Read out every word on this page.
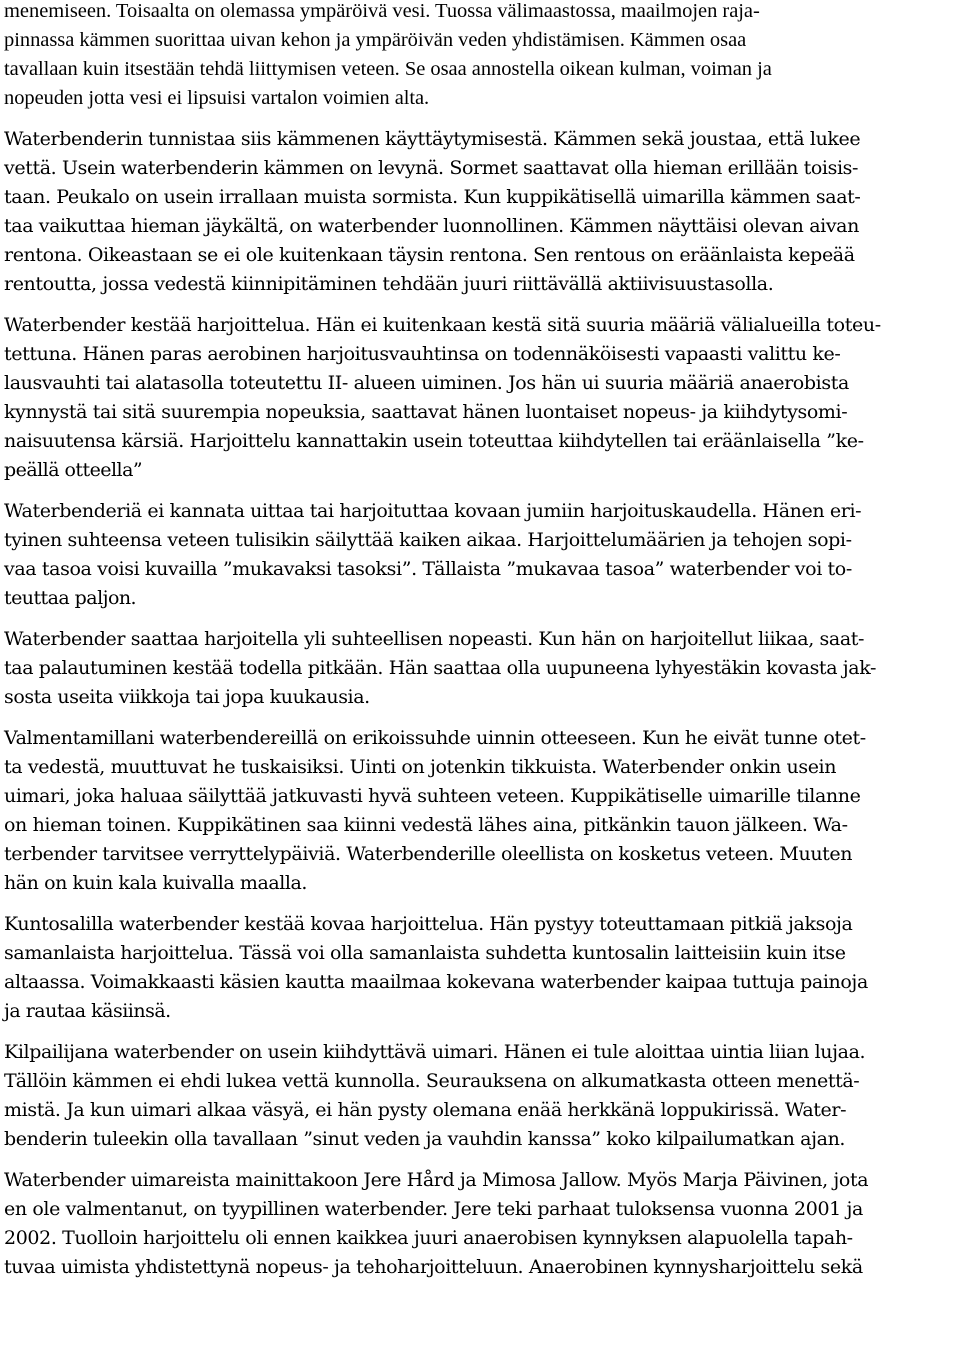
menemiseen. Toisaalta on olemassa ympäröivä vesi. Tuossa välimaastossa, maailmojen raja-
pinnassa kämmen suorittaa uivan kehon ja ympäröivän veden yhdistämisen. Kämmen osaa
tavallaan kuin itsestään tehdä liittymisen veteen. Se osaa annostella oikean kulman, voiman ja
nopeuden jotta vesi ei lipsuisi vartalon voimien alta.
Waterbenderin tunnistaa siis kämmenen käyttäytymisestä. Kämmen sekä joustaa, että lukee
vettä. Usein waterbenderin kämmen on levynä. Sormet saattavat olla hieman erillään toisis-
taan. Peukalo on usein irrallaan muista sormista. Kun kuppikätisellä uimarilla kämmen saat-
taa vaikuttaa hieman jäykältä, on waterbender luonnollinen. Kämmen näyttäisi olevan aivan
rentona. Oikeastaan se ei ole kuitenkaan täysin rentona. Sen rentous on eräänlaista kepeää
rentoutta, jossa vedestä kiinnipitäminen tehdään juuri riittävällä aktiivisuustasolla.
Waterbender kestää harjoittelua. Hän ei kuitenkaan kestä sitä suuria määriä välialueilla toteu-
tettuna. Hänen paras aerobinen harjoitusvauhtinsa on todennäköisesti vapaasti valittu ke-
lausvauhti tai alatasolla toteutettu II- alueen uiminen. Jos hän ui suuria määriä anaerobista
kynnystä tai sitä suurempia nopeuksia, saattavat hänen luontaiset nopeus- ja kiihdytysomi-
naisuutensa kärsiä. Harjoittelu kannattakin usein toteuttaa kiihdytellen tai eräänlaisella ”ke-
peällä otteella”
Waterbenderiä ei kannata uittaa tai harjoituttaa kovaan jumiin harjoituskaudella. Hänen eri-
tyinen suhteensa veteen tulisikin säilyttää kaiken aikaa. Harjoittelumäärien ja tehojen sopi-
vaa tasoa voisi kuvailla ”mukavaksi tasoksi”. Tällaista ”mukavaa tasoa” waterbender voi to-
teuttaa paljon.
Waterbender saattaa harjoitella yli suhteellisen nopeasti. Kun hän on harjoitellut liikaa, saat-
taa palautuminen kestää todella pitkään. Hän saattaa olla uupuneena lyhyestäkin kovasta jak-
sosta useita viikkoja tai jopa kuukausia.
Valmentamillani waterbendereillä on erikoissuhde uinnin otteeseen. Kun he eivät tunne otet-
ta vedestä, muuttuvat he tuskaisiksi. Uinti on jotenkin tikkuista. Waterbender onkin usein
uimari, joka haluaa säilyttää jatkuvasti hyvä suhteen veteen. Kuppikätiselle uimarille tilanne
on hieman toinen. Kuppikätinen saa kiinni vedestä lähes aina, pitkänkin tauon jälkeen. Wa-
terbender tarvitsee verryttelypäiviä. Waterbenderille oleellista on kosketus veteen. Muuten
hän on kuin kala kuivalla maalla.
Kuntosalilla waterbender kestää kovaa harjoittelua. Hän pystyy toteuttamaan pitkiä jaksoja
samanlaista harjoittelua. Tässä voi olla samanlaista suhdetta kuntosalin laitteisiin kuin itse
altaassa. Voimakkaasti käsien kautta maailmaa kokevana waterbender kaipaa tuttuja painoja
ja rautaa käsiinsä.
Kilpailijana waterbender on usein kiihdyttävä uimari. Hänen ei tule aloittaa uintia liian lujaa.
Tällöin kämmen ei ehdi lukea vettä kunnolla. Seurauksena on alkumatkasta otteen menettä-
mistä. Ja kun uimari alkaa väsyä, ei hän pysty olemana enää herkkänä loppukirissä. Water-
benderin tuleekin olla tavallaan ”sinut veden ja vauhdin kanssa” koko kilpailumatkan ajan.
Waterbender uimareista mainittakoon Jere Hård ja Mimosa Jallow. Myös Marja Päivinen, jota
en ole valmentanut, on tyypillinen waterbender. Jere teki parhaat tuloksensa vuonna 2001 ja
2002. Tuolloin harjoittelu oli ennen kaikkea juuri anaerobisen kynnyksen alapuolella tapah-
tuvaa uimista yhdistettynä nopeus- ja tehoharjoitteluun. Anaerobinen kynnysharjoittelu sekä
